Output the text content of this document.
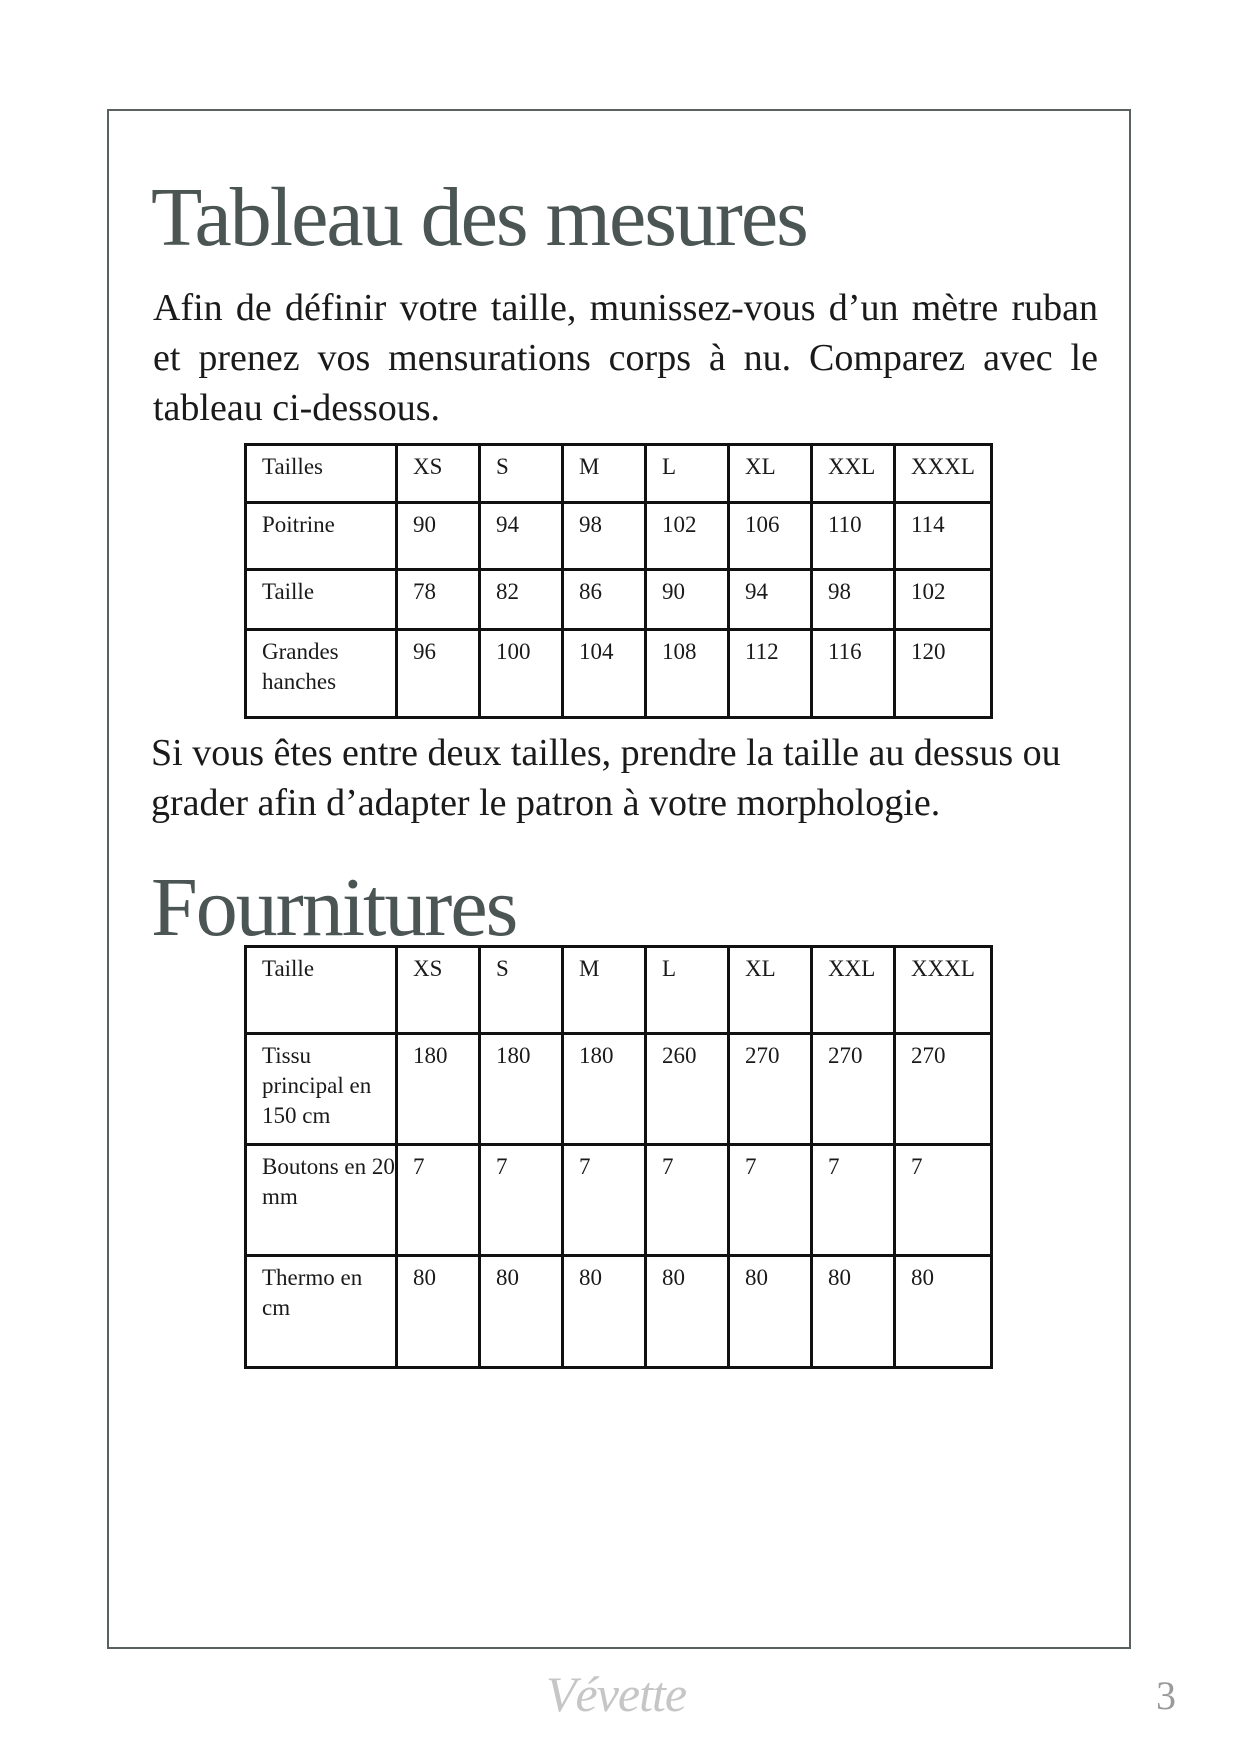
Tableau des mesures

Afin de définir votre taille, munissez-vous d’un mètre ruban et prenez vos mensurations corps à nu. Comparez avec le tableau ci-dessous.

Tailles	XS	S	M	L	XL	XXL	XXXL
Poitrine	90	94	98	102	106	110	114
Taille	78	82	86	90	94	98	102
Grandes hanches	96	100	104	108	112	116	120

Si vous êtes entre deux tailles, prendre la taille au dessus ou grader afin d’adapter le patron à votre morphologie.

Fournitures
Taille	XS	S	M	L	XL	XXL	XXXL
Tissu principal en 150 cm	180	180	180	260	270	270	270
Boutons en 20 mm	7	7	7	7	7	7	7
Thermo en cm	80	80	80	80	80	80	80
Vévette	3
